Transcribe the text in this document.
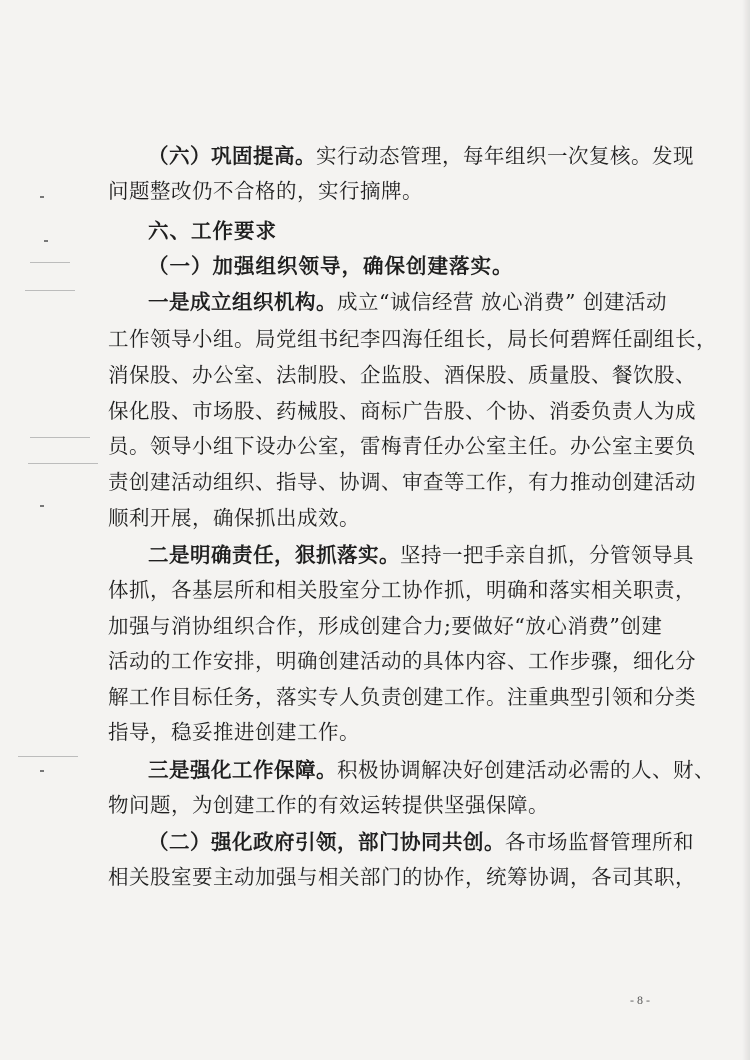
（六）巩固提高。实行动态管理，每年组织一次复核。发现
问题整改仍不合格的，实行摘牌。
六、工作要求
（一）加强组织领导，确保创建落实。
一是成立组织机构。成立“诚信经营 放心消费” 创建活动
工作领导小组。局党组书纪李四海任组长，局长何碧辉任副组长，
消保股、办公室、法制股、企监股、酒保股、质量股、餐饮股、
保化股、市场股、药械股、商标广告股、个协、消委负责人为成
员。领导小组下设办公室，雷梅青任办公室主任。办公室主要负
责创建活动组织、指导、协调、审查等工作，有力推动创建活动
顺利开展，确保抓出成效。
二是明确责任，狠抓落实。坚持一把手亲自抓，分管领导具
体抓，各基层所和相关股室分工协作抓，明确和落实相关职责，
加强与消协组织合作，形成创建合力;要做好“放心消费”创建
活动的工作安排，明确创建活动的具体内容、工作步骤，细化分
解工作目标任务，落实专人负责创建工作。注重典型引领和分类
指导，稳妥推进创建工作。
三是强化工作保障。积极协调解决好创建活动必需的人、财、
物问题，为创建工作的有效运转提供坚强保障。
（二）强化政府引领，部门协同共创。各市场监督管理所和
相关股室要主动加强与相关部门的协作，统筹协调，各司其职，
- 8 -
